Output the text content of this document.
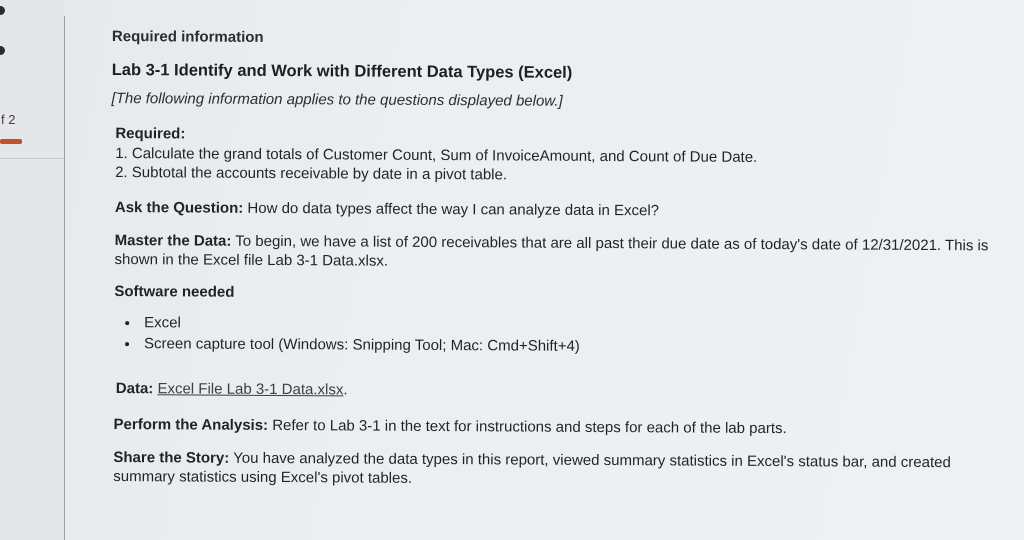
f 2
Required information
Lab 3-1 Identify and Work with Different Data Types (Excel)
[The following information applies to the questions displayed below.]
Required:
1. Calculate the grand totals of Customer Count, Sum of InvoiceAmount, and Count of Due Date.
2. Subtotal the accounts receivable by date in a pivot table.

Ask the Question: How do data types affect the way I can analyze data in Excel?

Master the Data: To begin, we have a list of 200 receivables that are all past their due date as of today's date of 12/31/2021. This is shown in the Excel file Lab 3-1 Data.xlsx.

Software needed
• Excel
• Screen capture tool (Windows: Snipping Tool; Mac: Cmd+Shift+4)
Data: Excel File Lab 3-1 Data.xlsx.

Perform the Analysis: Refer to Lab 3-1 in the text for instructions and steps for each of the lab parts.

Share the Story: You have analyzed the data types in this report, viewed summary statistics in Excel's status bar, and created summary statistics using Excel's pivot tables.
